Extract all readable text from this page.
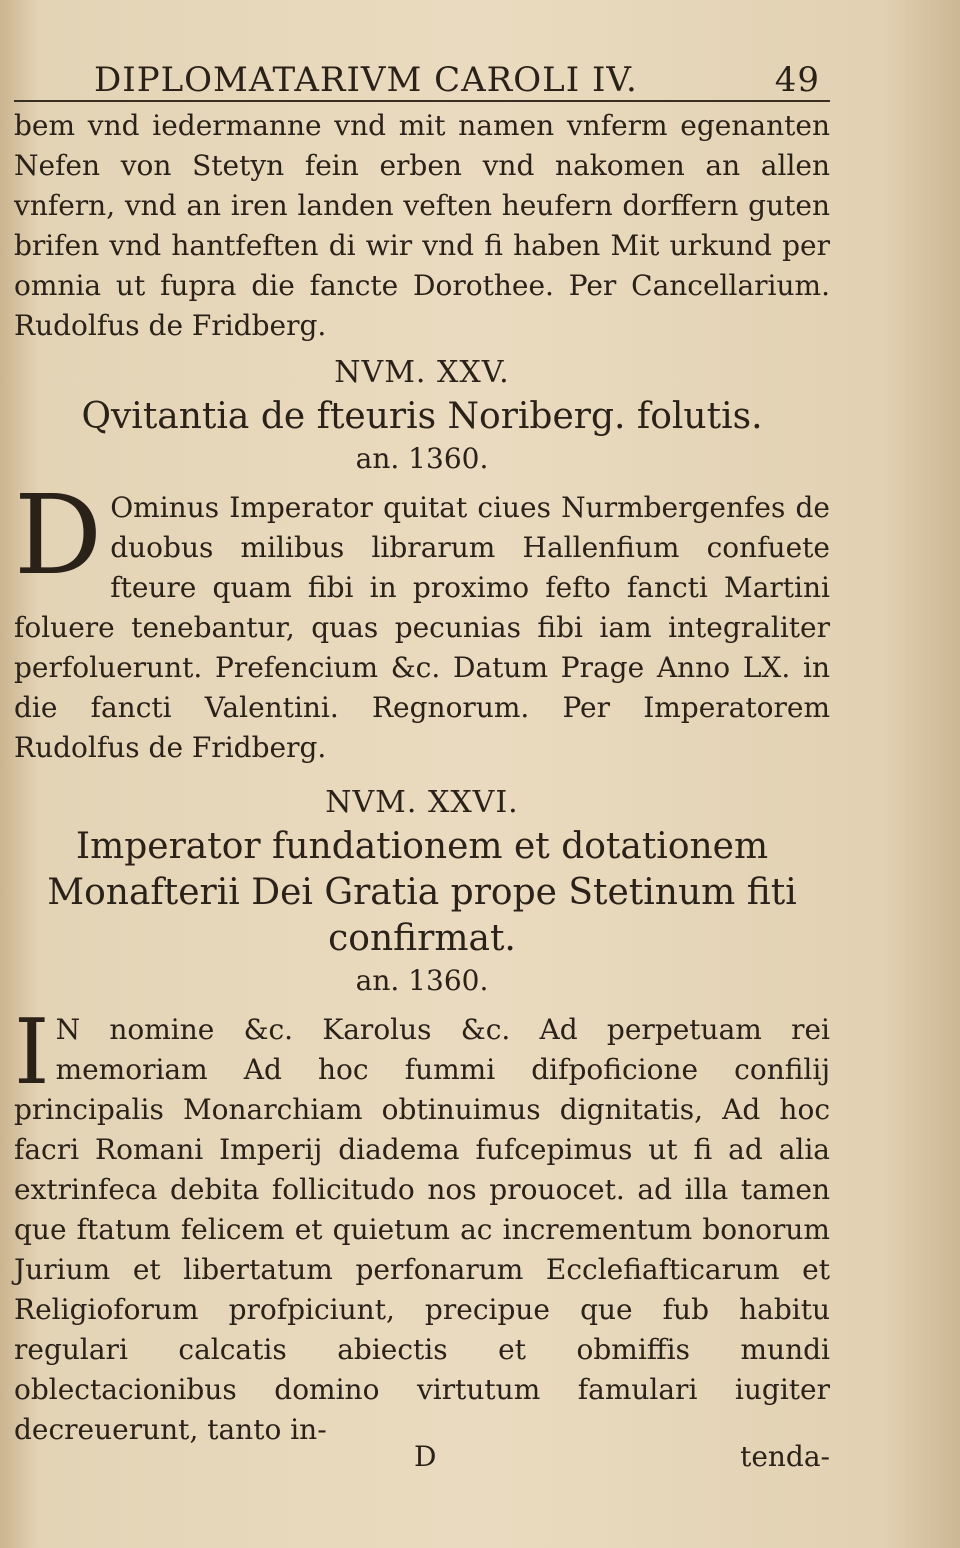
DIPLOMATARIVM CAROLI IV.	49

bem vnd iedermanne vnd mit namen vnferm egenanten Nefen von Stetyn fein erben vnd nakomen an allen vnfern, vnd an iren landen veften heufern dorffern guten brifen vnd hantfeften di wir vnd fi haben Mit urkund per omnia ut fupra die fancte Dorothee. Per Cancellarium. Rudolfus de Fridberg.

NVM. XXV.

Qvitantia de fteuris Noriberg. folutis.

an. 1360.

D Ominus Imperator quitat ciues Nurmbergenfes de duobus milibus librarum Hallenfium confuete fteure quam fibi in proximo fefto fancti Martini foluere tenebantur, quas pecunias fibi iam integraliter perfoluerunt. Prefencium &c. Datum Prage Anno LX. in die fancti Valentini. Regnorum. Per Imperatorem Rudolfus de Fridberg.

NVM. XXVI.

Imperator fundationem et dotationem Monafterii Dei Gratia prope Stetinum fiti confirmat.

an. 1360.

I N nomine &c. Karolus &c. Ad perpetuam rei memoriam Ad hoc fummi difpoficione confilij principalis Monarchiam obtinuimus dignitatis, Ad hoc facri Romani Imperij diadema fufcepimus ut fi ad alia extrinfeca debita follicitudo nos prouocet. ad illa tamen que ftatum felicem et quietum ac incrementum bonorum Jurium et libertatum perfonarum Ecclefiafticarum et Religioforum profpiciunt, precipue que fub habitu regulari calcatis abiectis et obmiffis mundi oblectacionibus domino virtutum famulari iugiter decreuerunt, tanto in-
D	tenda-
